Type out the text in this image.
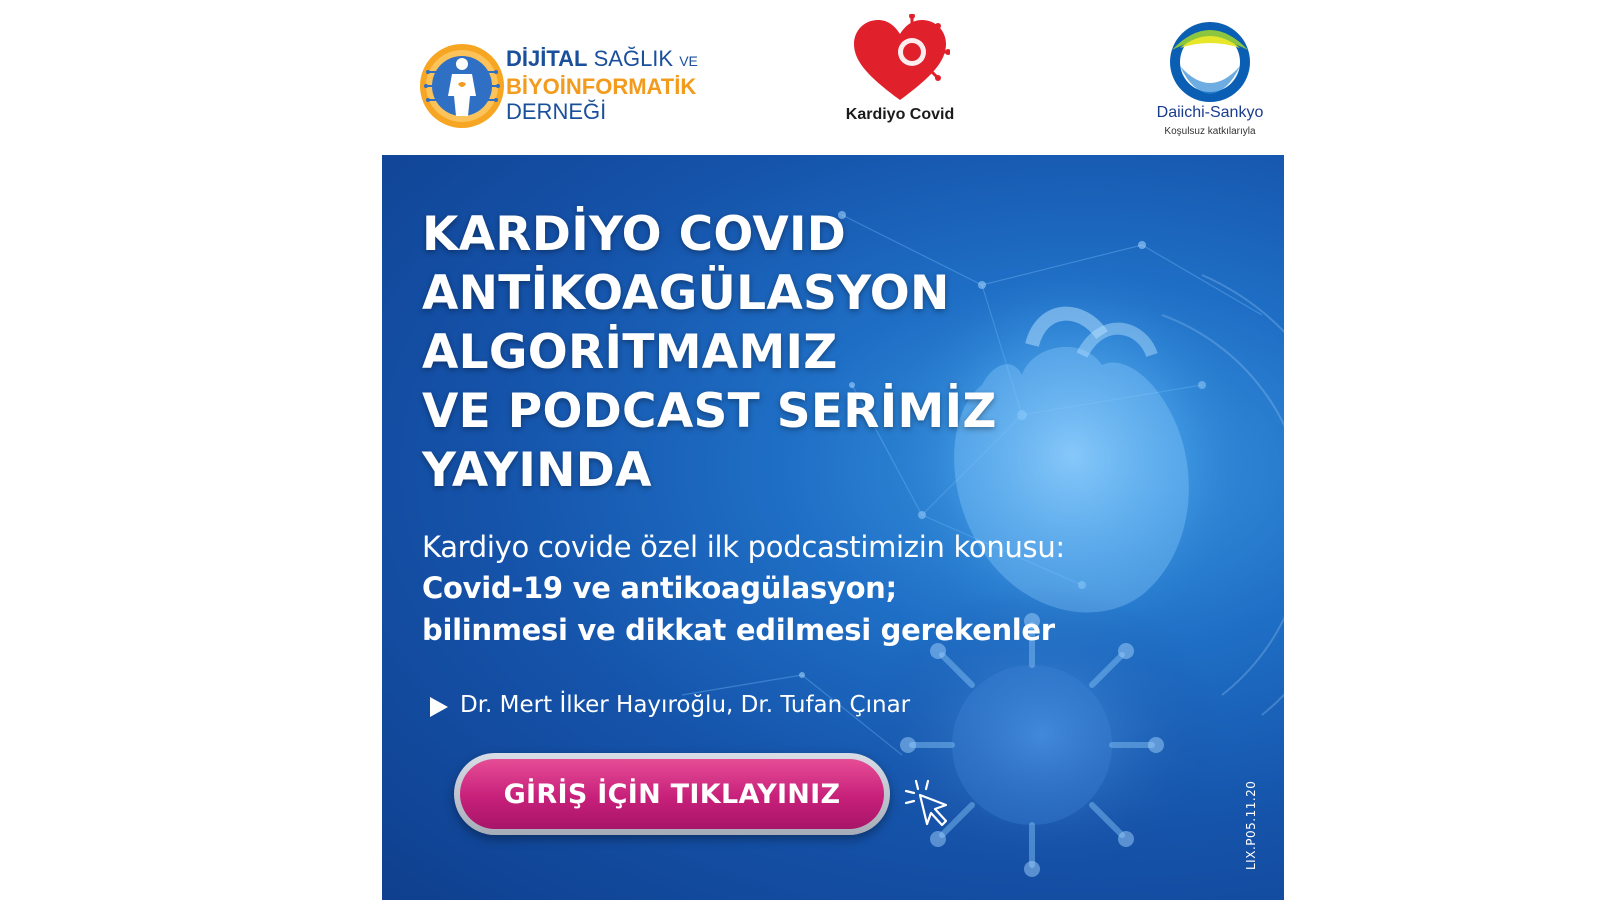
DİJİTAL SAĞLIK VE
BİYOİNFORMATİK
DERNEĞİ	Kardiyo Covid	Daiichi-Sankyo
Koşulsuz katkılarıyla
KARDİYO COVID
ANTİKOAGÜLASYON
ALGORİTMAMIZ
VE PODCAST SERİMİZ
YAYINDA
Kardiyo covide özel ilk podcastimizin konusu:
Covid-19 ve antikoagülasyon;
bilinmesi ve dikkat edilmesi gerekenler
Dr. Mert İlker Hayıroğlu, Dr. Tufan Çınar
GİRİŞ İÇİN TIKLAYINIZ	LIX.P05.11.20
